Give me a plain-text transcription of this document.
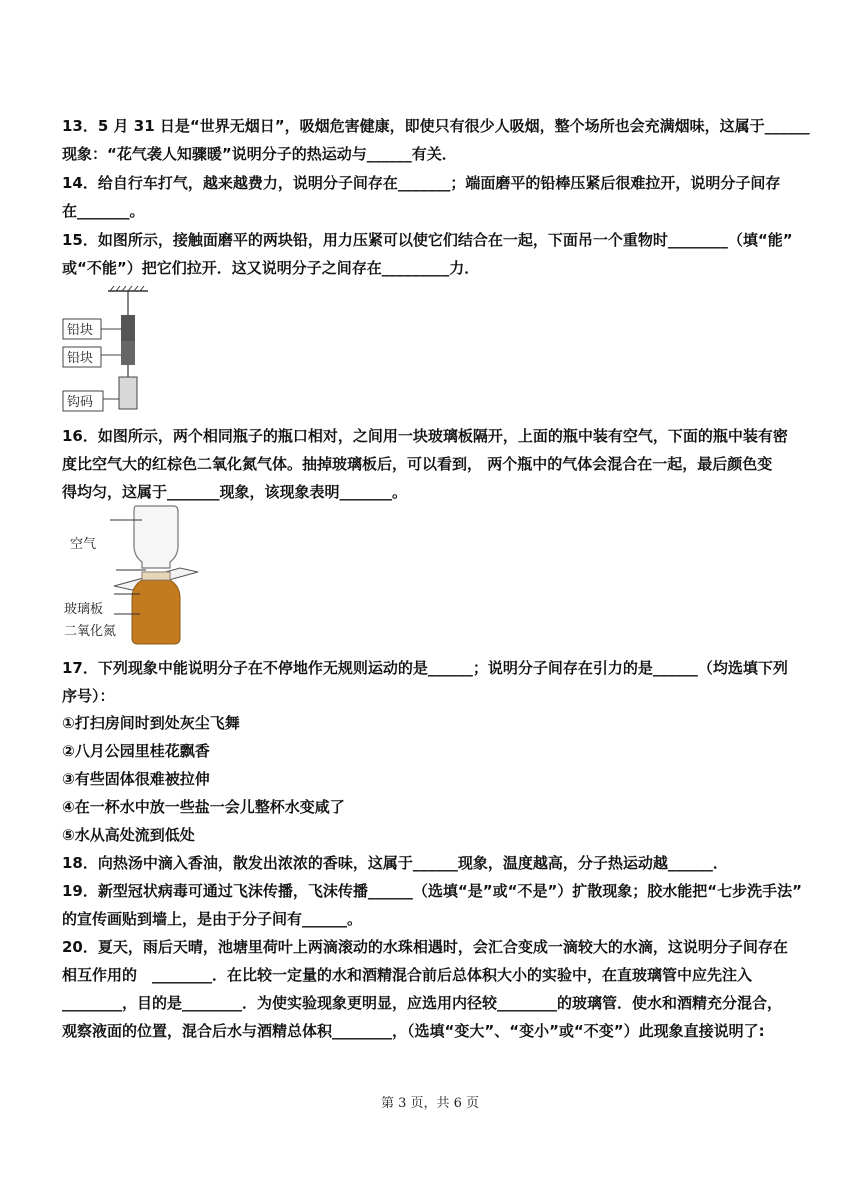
13．5 月 31 日是“世界无烟日”，吸烟危害健康，即使只有很少人吸烟，整个场所也会充满烟味，这属于______
现象：“花气袭人知骤暖”说明分子的热运动与______有关．
14．给自行车打气，越来越费力，说明分子间存在_______；端面磨平的铅棒压紧后很难拉开，说明分子间存
在_______。
15．如图所示，接触面磨平的两块铅，用力压紧可以使它们结合在一起，下面吊一个重物时________（填“能”
或“不能”）把它们拉开．这又说明分子之间存在_________力．
铅块
铅块
钩码
16．如图所示，两个相同瓶子的瓶口相对，之间用一块玻璃板隔开，上面的瓶中装有空气，下面的瓶中装有密
度比空气大的红棕色二氧化氮气体。抽掉玻璃板后，可以看到， 两个瓶中的气体会混合在一起，最后颜色变
得均匀，这属于_______现象，该现象表明_______。
空气
玻璃板
二氧化氮
17．下列现象中能说明分子在不停地作无规则运动的是______；说明分子间存在引力的是______（均选填下列
序号）：
①打扫房间时到处灰尘飞舞
②八月公园里桂花飘香
③有些固体很难被拉伸
④在一杯水中放一些盐一会儿整杯水变咸了
⑤水从高处流到低处
18．向热汤中滴入香油，散发出浓浓的香味，这属于______现象，温度越高，分子热运动越______．
19．新型冠状病毒可通过飞沫传播，飞沫传播______（选填“是”或“不是”）扩散现象；胶水能把“七步洗手法”
的宣传画贴到墙上，是由于分子间有______。
20．夏天，雨后天晴，池塘里荷叶上两滴滚动的水珠相遇时，会汇合变成一滴较大的水滴，这说明分子间存在
相互作用的　________．在比较一定量的水和酒精混合前后总体积大小的实验中，在直玻璃管中应先注入
________，目的是________．为使实验现象更明显，应选用内径较________的玻璃管．使水和酒精充分混合，
观察液面的位置，混合后水与酒精总体积________，（选填“变大”、“变小”或“不变”）此现象直接说明了:
第 3 页，共 6 页
